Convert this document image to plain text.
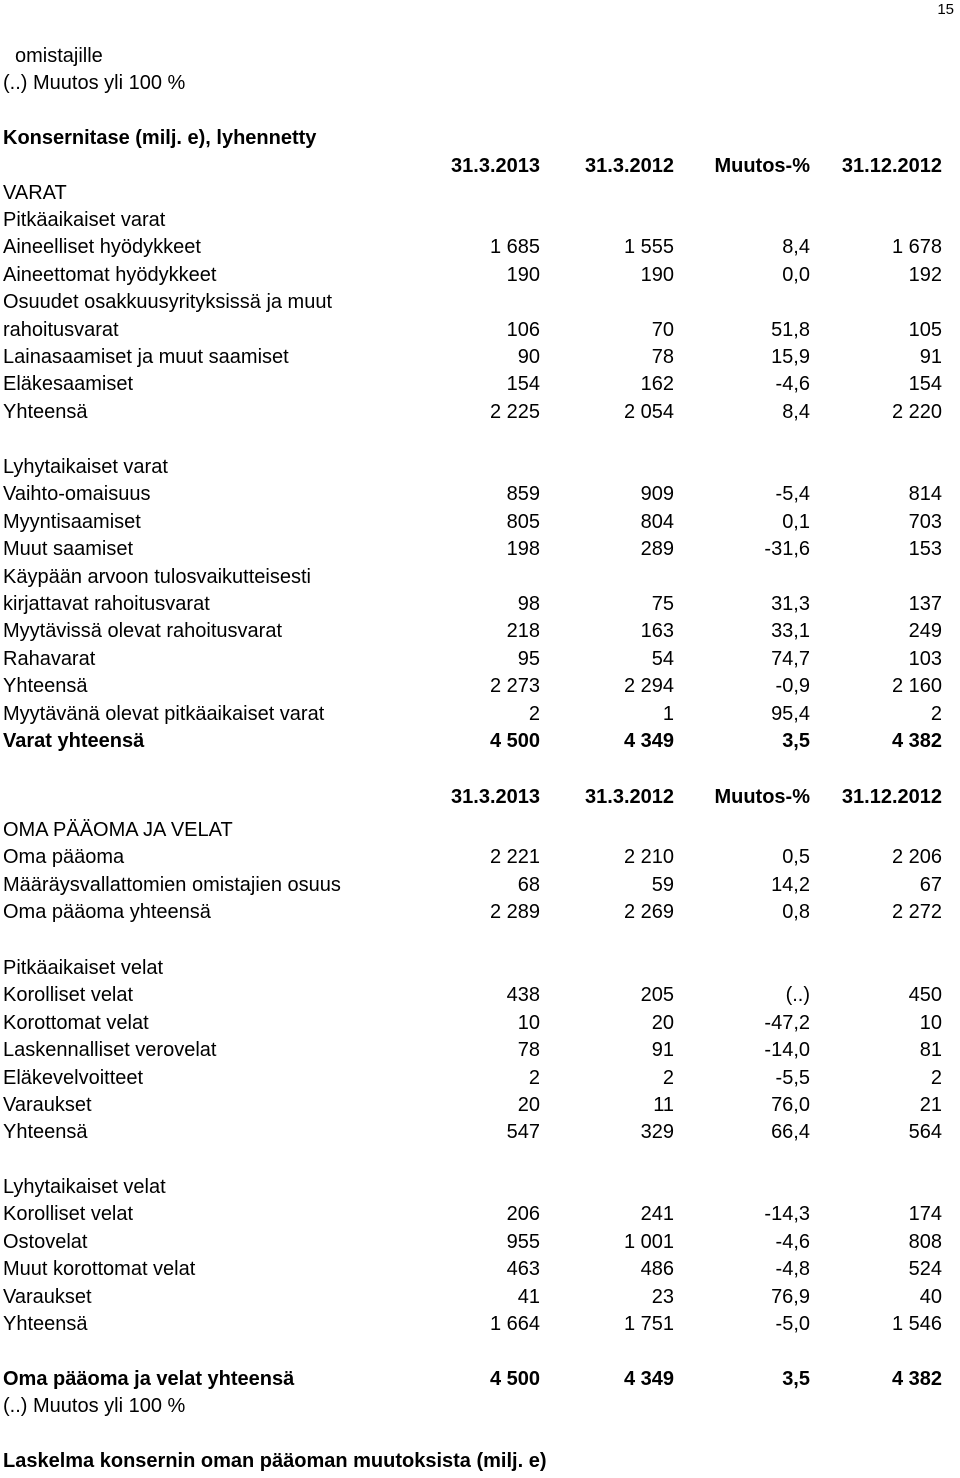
15
omistajille
(..) Muutos yli 100 %
Konsernitase (milj. e), lyhennetty
31.3.2013 31.3.2012 Muutos-% 31.12.2012
VARAT
Pitkäaikaiset varat
Aineelliset hyödykkeet	1 685	1 555	8,4	1 678
Aineettomat hyödykkeet	190	190	0,0	192
Osuudet osakkuusyrityksissä ja muut
rahoitusvarat	106	70	51,8	105
Lainasaamiset ja muut saamiset	90	78	15,9	91
Eläkesaamiset	154	162	-4,6	154
Yhteensä	2 225	2 054	8,4	2 220
Lyhytaikaiset varat
Vaihto-omaisuus	859	909	-5,4	814
Myyntisaamiset	805	804	0,1	703
Muut saamiset	198	289	-31,6	153
Käypään arvoon tulosvaikutteisesti
kirjattavat rahoitusvarat	98	75	31,3	137
Myytävissä olevat rahoitusvarat	218	163	33,1	249
Rahavarat	95	54	74,7	103
Yhteensä	2 273	2 294	-0,9	2 160
Myytävänä olevat pitkäaikaiset varat	2	1	95,4	2
Varat yhteensä	4 500	4 349	3,5	4 382
31.3.2013 31.3.2012 Muutos-% 31.12.2012
OMA PÄÄOMA JA VELAT
Oma pääoma	2 221	2 210	0,5	2 206
Määräysvallattomien omistajien osuus	68	59	14,2	67
Oma pääoma yhteensä	2 289	2 269	0,8	2 272
Pitkäaikaiset velat
Korolliset velat	438	205	(..)	450
Korottomat velat	10	20	-47,2	10
Laskennalliset verovelat	78	91	-14,0	81
Eläkevelvoitteet	2	2	-5,5	2
Varaukset	20	11	76,0	21
Yhteensä	547	329	66,4	564
Lyhytaikaiset velat
Korolliset velat	206	241	-14,3	174
Ostovelat	955	1 001	-4,6	808
Muut korottomat velat	463	486	-4,8	524
Varaukset	41	23	76,9	40
Yhteensä	1 664	1 751	-5,0	1 546
Oma pääoma ja velat yhteensä	4 500	4 349	3,5	4 382
(..) Muutos yli 100 %
Laskelma konsernin oman pääoman muutoksista (milj. e)
